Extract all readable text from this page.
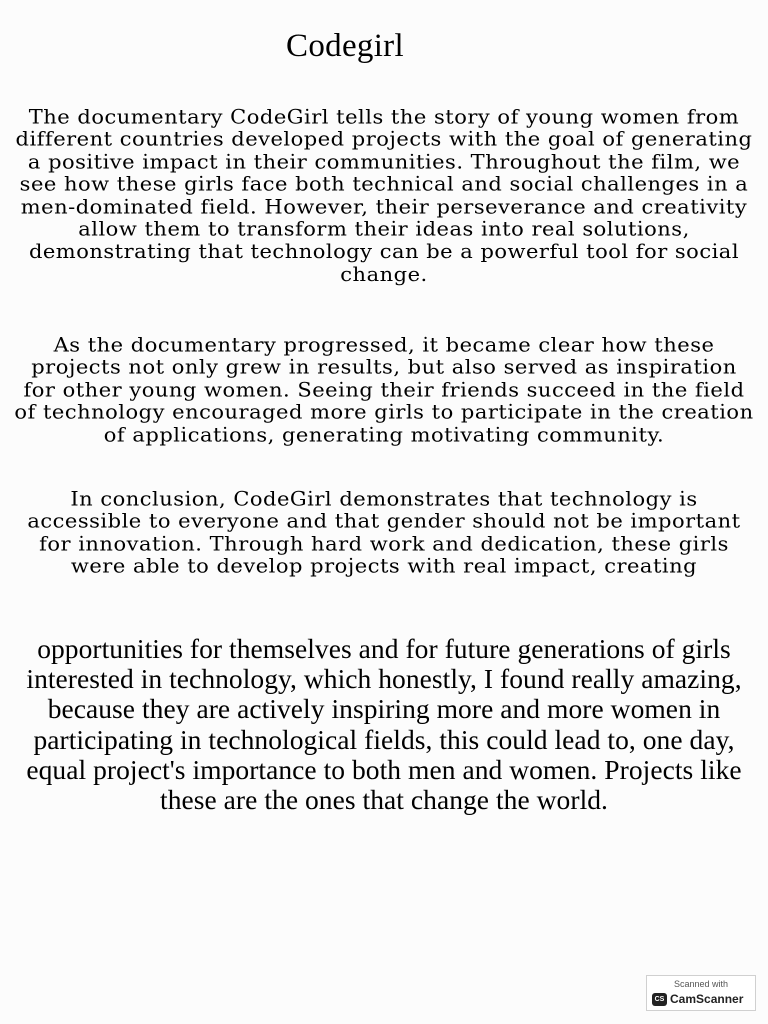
Codegirl
The documentary CodeGirl tells the story of young women from different countries developed projects with the goal of generating a positive impact in their communities. Throughout the film, we see how these girls face both technical and social challenges in a men-dominated field. However, their perseverance and creativity allow them to transform their ideas into real solutions, demonstrating that technology can be a powerful tool for social change.
As the documentary progressed, it became clear how these projects not only grew in results, but also served as inspiration for other young women. Seeing their friends succeed in the field of technology encouraged more girls to participate in the creation of applications, generating motivating community.
In conclusion, CodeGirl demonstrates that technology is accessible to everyone and that gender should not be important for innovation. Through hard work and dedication, these girls were able to develop projects with real impact, creating
opportunities for themselves and for future generations of girls interested in technology, which honestly, I found really amazing, because they are actively inspiring more and more women in participating in technological fields, this could lead to, one day, equal project's importance to both men and women. Projects like these are the ones that change the world.
Scanned with
CS CamScanner
